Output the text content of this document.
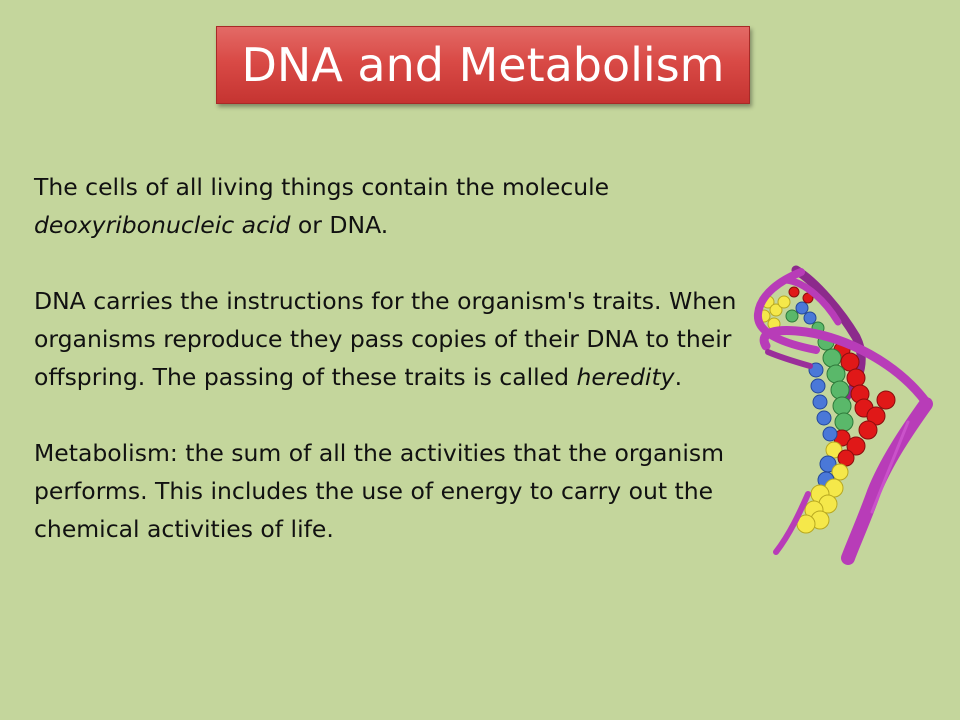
DNA and Metabolism

The cells of all living things contain the molecule deoxyribonucleic acid or DNA.

DNA carries the instructions for the organism's traits. When organisms reproduce they pass copies of their DNA to their offspring. The passing of these traits is called heredity.

Metabolism: the sum of all the activities that the organism performs. This includes the use of energy to carry out the chemical activities of life.
